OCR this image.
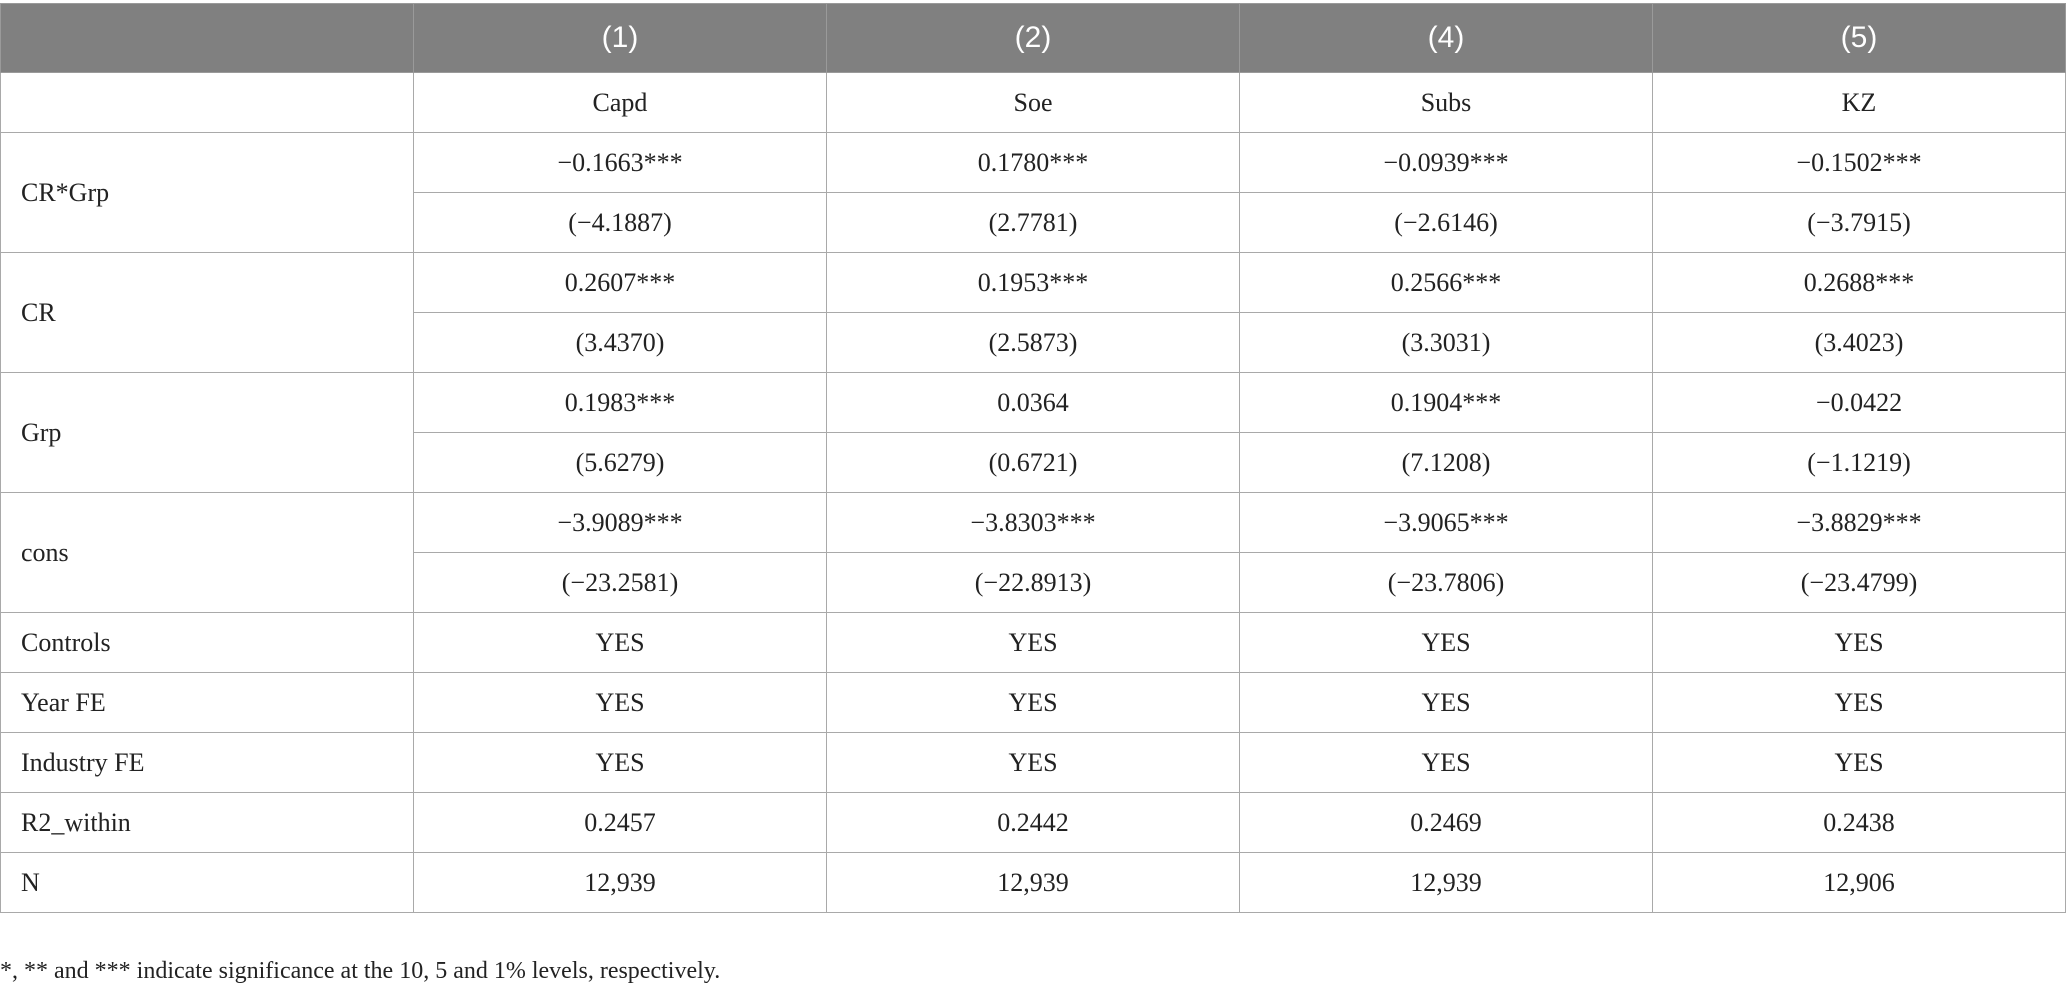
	(1)	(2)	(4)	(5)
	Capd	Soe	Subs	KZ
CR*Grp	−0.1663***	0.1780***	−0.0939***	−0.1502***
	(−4.1887)	(2.7781)	(−2.6146)	(−3.7915)
CR	0.2607***	0.1953***	0.2566***	0.2688***
	(3.4370)	(2.5873)	(3.3031)	(3.4023)
Grp	0.1983***	0.0364	0.1904***	−0.0422
	(5.6279)	(0.6721)	(7.1208)	(−1.1219)
cons	−3.9089***	−3.8303***	−3.9065***	−3.8829***
	(−23.2581)	(−22.8913)	(−23.7806)	(−23.4799)
Controls	YES	YES	YES	YES
Year FE	YES	YES	YES	YES
Industry FE	YES	YES	YES	YES
R2_within	0.2457	0.2442	0.2469	0.2438
N	12,939	12,939	12,939	12,906
*, ** and *** indicate significance at the 10, 5 and 1% levels, respectively.
